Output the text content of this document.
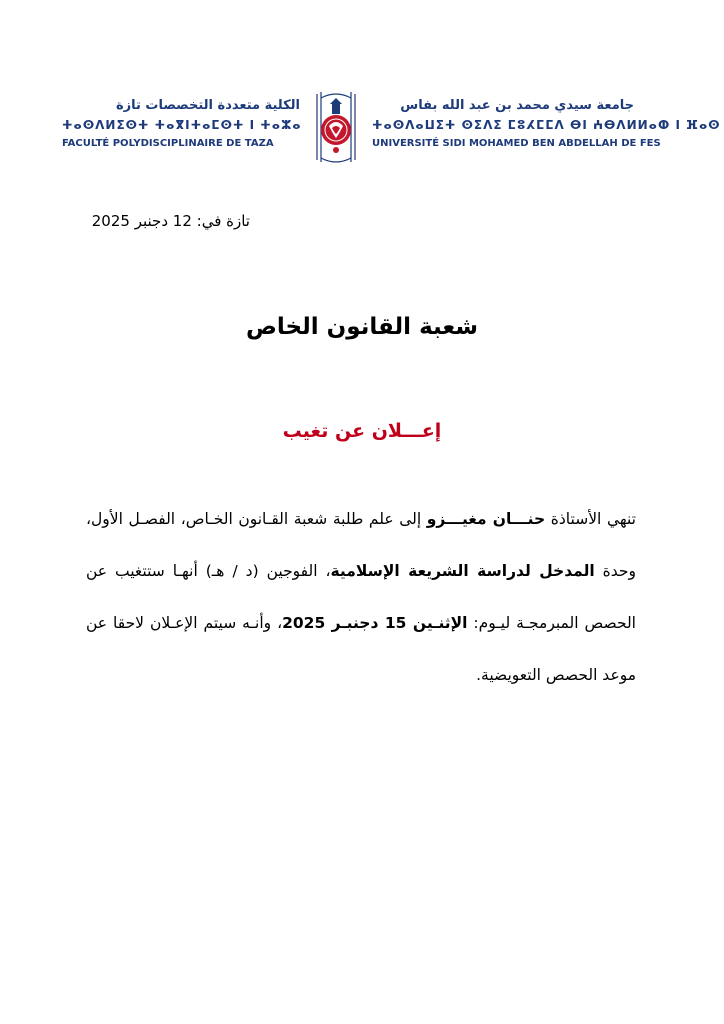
الكلية متعددة التخصصات تازة
ⵜⴰⵙⴷⵍⵉⵙⵜ ⵜⴰⴳⵏⵜⴰⵎⵙⵜ ⵏ ⵜⴰⵣⴰ
FACULTÉ POLYDISCIPLINAIRE DE TAZA
جامعة سيدي محمد بن عبد الله بفاس
ⵜⴰⵙⴷⴰⵡⵉⵜ ⵙⵉⴷⵉ ⵎⵓⵃⵎⵎⴷ ⴱⵏ ⵄⴱⴷⵍⵍⴰⵀ ⵏ ⴼⴰⵙ
UNIVERSITÉ SIDI MOHAMED BEN ABDELLAH DE FES
تازة في: 12 دجنبر 2025
شعبة القانون الخاص
إعـــلان عن تغيب
تنهي الأستاذة حنـــان مغيـــزو إلى علم طلبة شعبة القـانون الخـاص، الفصـل الأول، وحدة المدخل لدراسة الشريعة الإسلامية، الفوجين (د / هـ) أنهـا ستتغيب عن الحصص المبرمجـة ليـوم: الإثنـين 15 دجنبـر 2025، وأنـه سيتم الإعـلان لاحقا عن موعد الحصص التعويضية.
